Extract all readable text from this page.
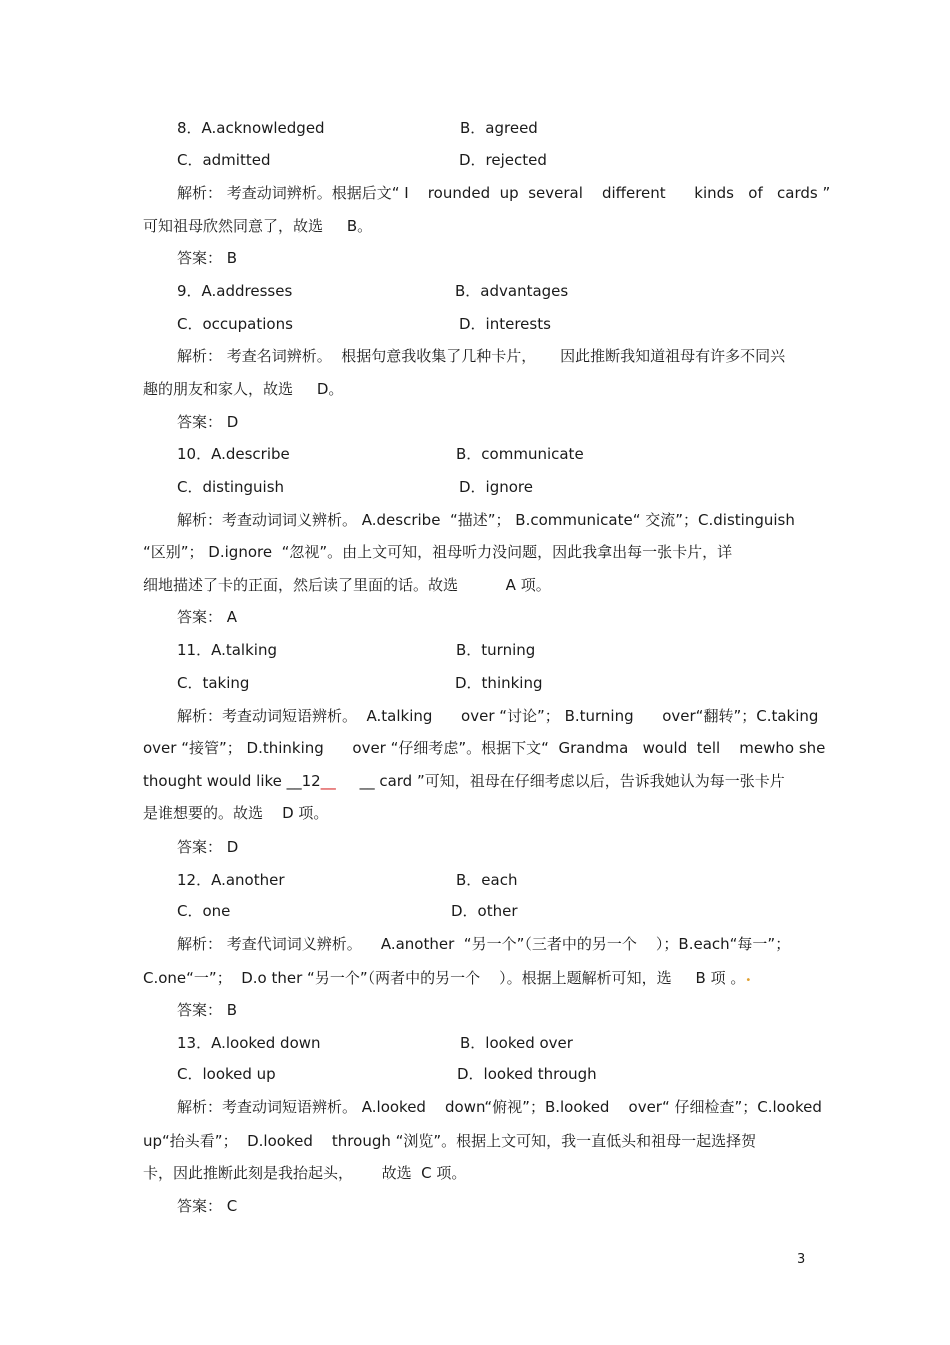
8．A.acknowledged	B．agreed
C．admitted	D．rejected
解析： 考查动词辨析。根据后文“ I    rounded  up  several    different      kinds   of   cards ”
可知祖母欣然同意了，故选     B。
答案： B
9．A.addresses	B．advantages
C．occupations	D．interests
解析： 考查名词辨析。  根据句意我收集了几种卡片，     因此推断我知道祖母有许多不同兴
趣的朋友和家人，故选     D。
答案： D
10．A.describe	B．communicate
C．distinguish	D．ignore
解析：考查动词词义辨析。 A.describe  “描述”； B.communicate“ 交流”；C.distinguish
“区别”； D.ignore  “忽视”。由上文可知，祖母听力没问题，因此我拿出每一张卡片，详
细地描述了卡的正面，然后读了里面的话。故选          A 项。
答案： A
11．A.talking	B．turning
C．taking	D．thinking
解析：考查动词短语辨析。  A.talking      over “讨论”； B.turning      over“翻转”；C.taking
over “接管”； D.thinking      over “仔细考虑”。根据下文“  Grandma   would  tell    mewho she
thought would like __12__     __ card ”可知，祖母在仔细考虑以后，告诉我她认为每一张卡片
是谁想要的。故选    D 项。
答案： D
12．A.another	B．each
C．one	D．other
解析： 考查代词词义辨析。    A.another  “另一个”（三者中的另一个    ）；B.each“每一”；
C.one“一”；  D.o ther “另一个”（两者中的另一个    ）。根据上题解析可知，选     B 项 。•
答案： B
13．A.looked down	B．looked over
C．looked up	D．looked through
解析：考查动词短语辨析。 A.looked    down“俯视”；B.looked    over“ 仔细检查”；C.looked
up“抬头看”；  D.looked    through “浏览”。根据上文可知，我一直低头和祖母一起选择贺
卡，因此推断此刻是我抬起头，      故选  C 项。
答案： C
3
